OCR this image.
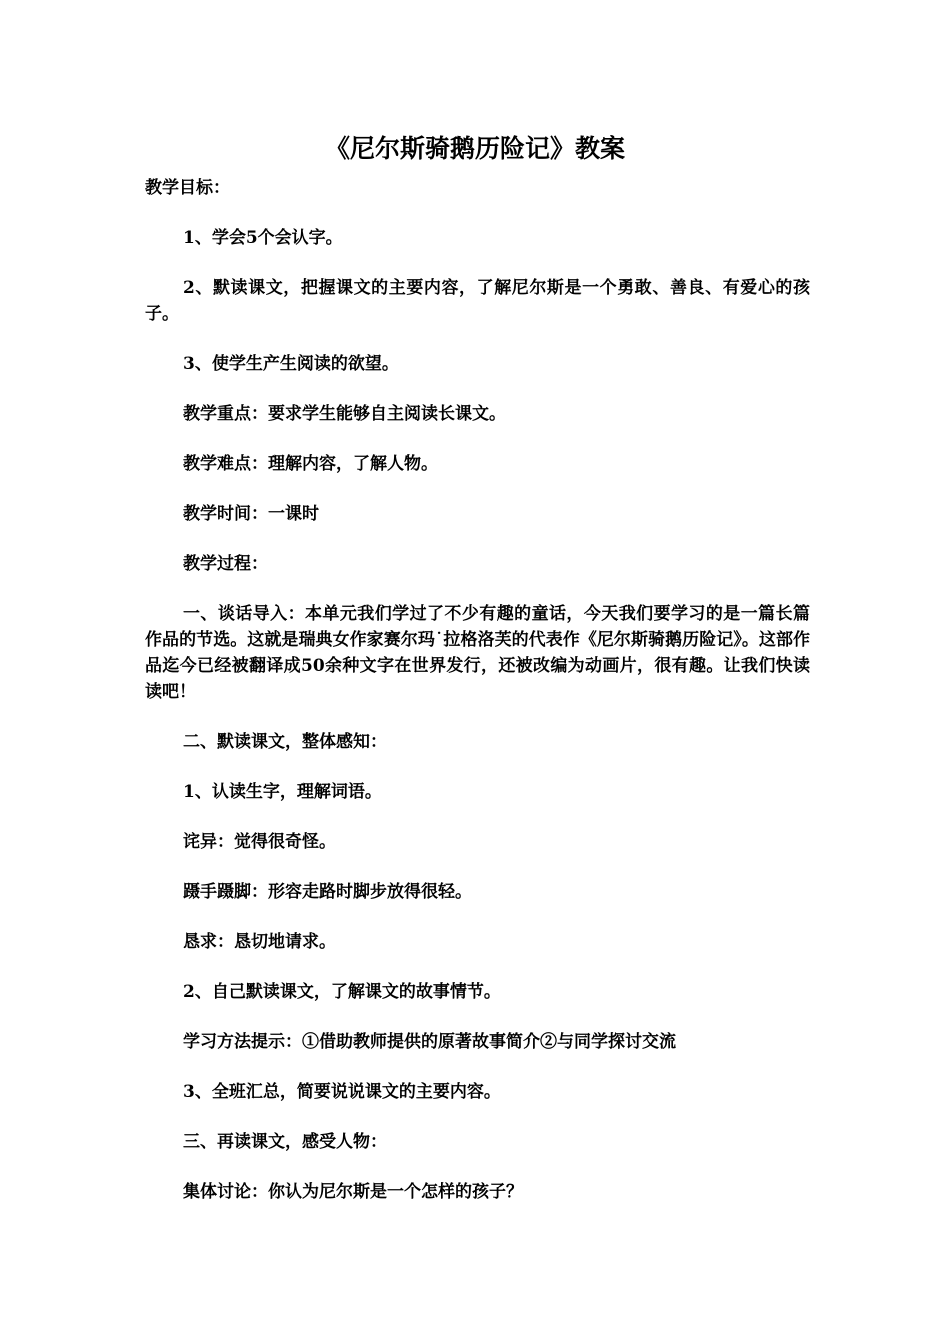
《尼尔斯骑鹅历险记》教案

教学目标：

1、学会5个会认字。

2、默读课文，把握课文的主要内容，了解尼尔斯是一个勇敢、善良、有爱心的孩子。

3、使学生产生阅读的欲望。

教学重点：要求学生能够自主阅读长课文。

教学难点：理解内容，了解人物。

教学时间：一课时

教学过程：

一、谈话导入：本单元我们学过了不少有趣的童话，今天我们要学习的是一篇长篇作品的节选。这就是瑞典女作家赛尔玛˙拉格洛芙的代表作《尼尔斯骑鹅历险记》。这部作品迄今已经被翻译成50余种文字在世界发行，还被改编为动画片，很有趣。让我们快读读吧！

二、默读课文，整体感知：

1、认读生字，理解词语。

诧异：觉得很奇怪。

蹑手蹑脚：形容走路时脚步放得很轻。

恳求：恳切地请求。

2、自己默读课文，了解课文的故事情节。

学习方法提示：①借助教师提供的原著故事简介②与同学探讨交流

3、全班汇总，简要说说课文的主要内容。

三、再读课文，感受人物：

集体讨论：你认为尼尔斯是一个怎样的孩子？
